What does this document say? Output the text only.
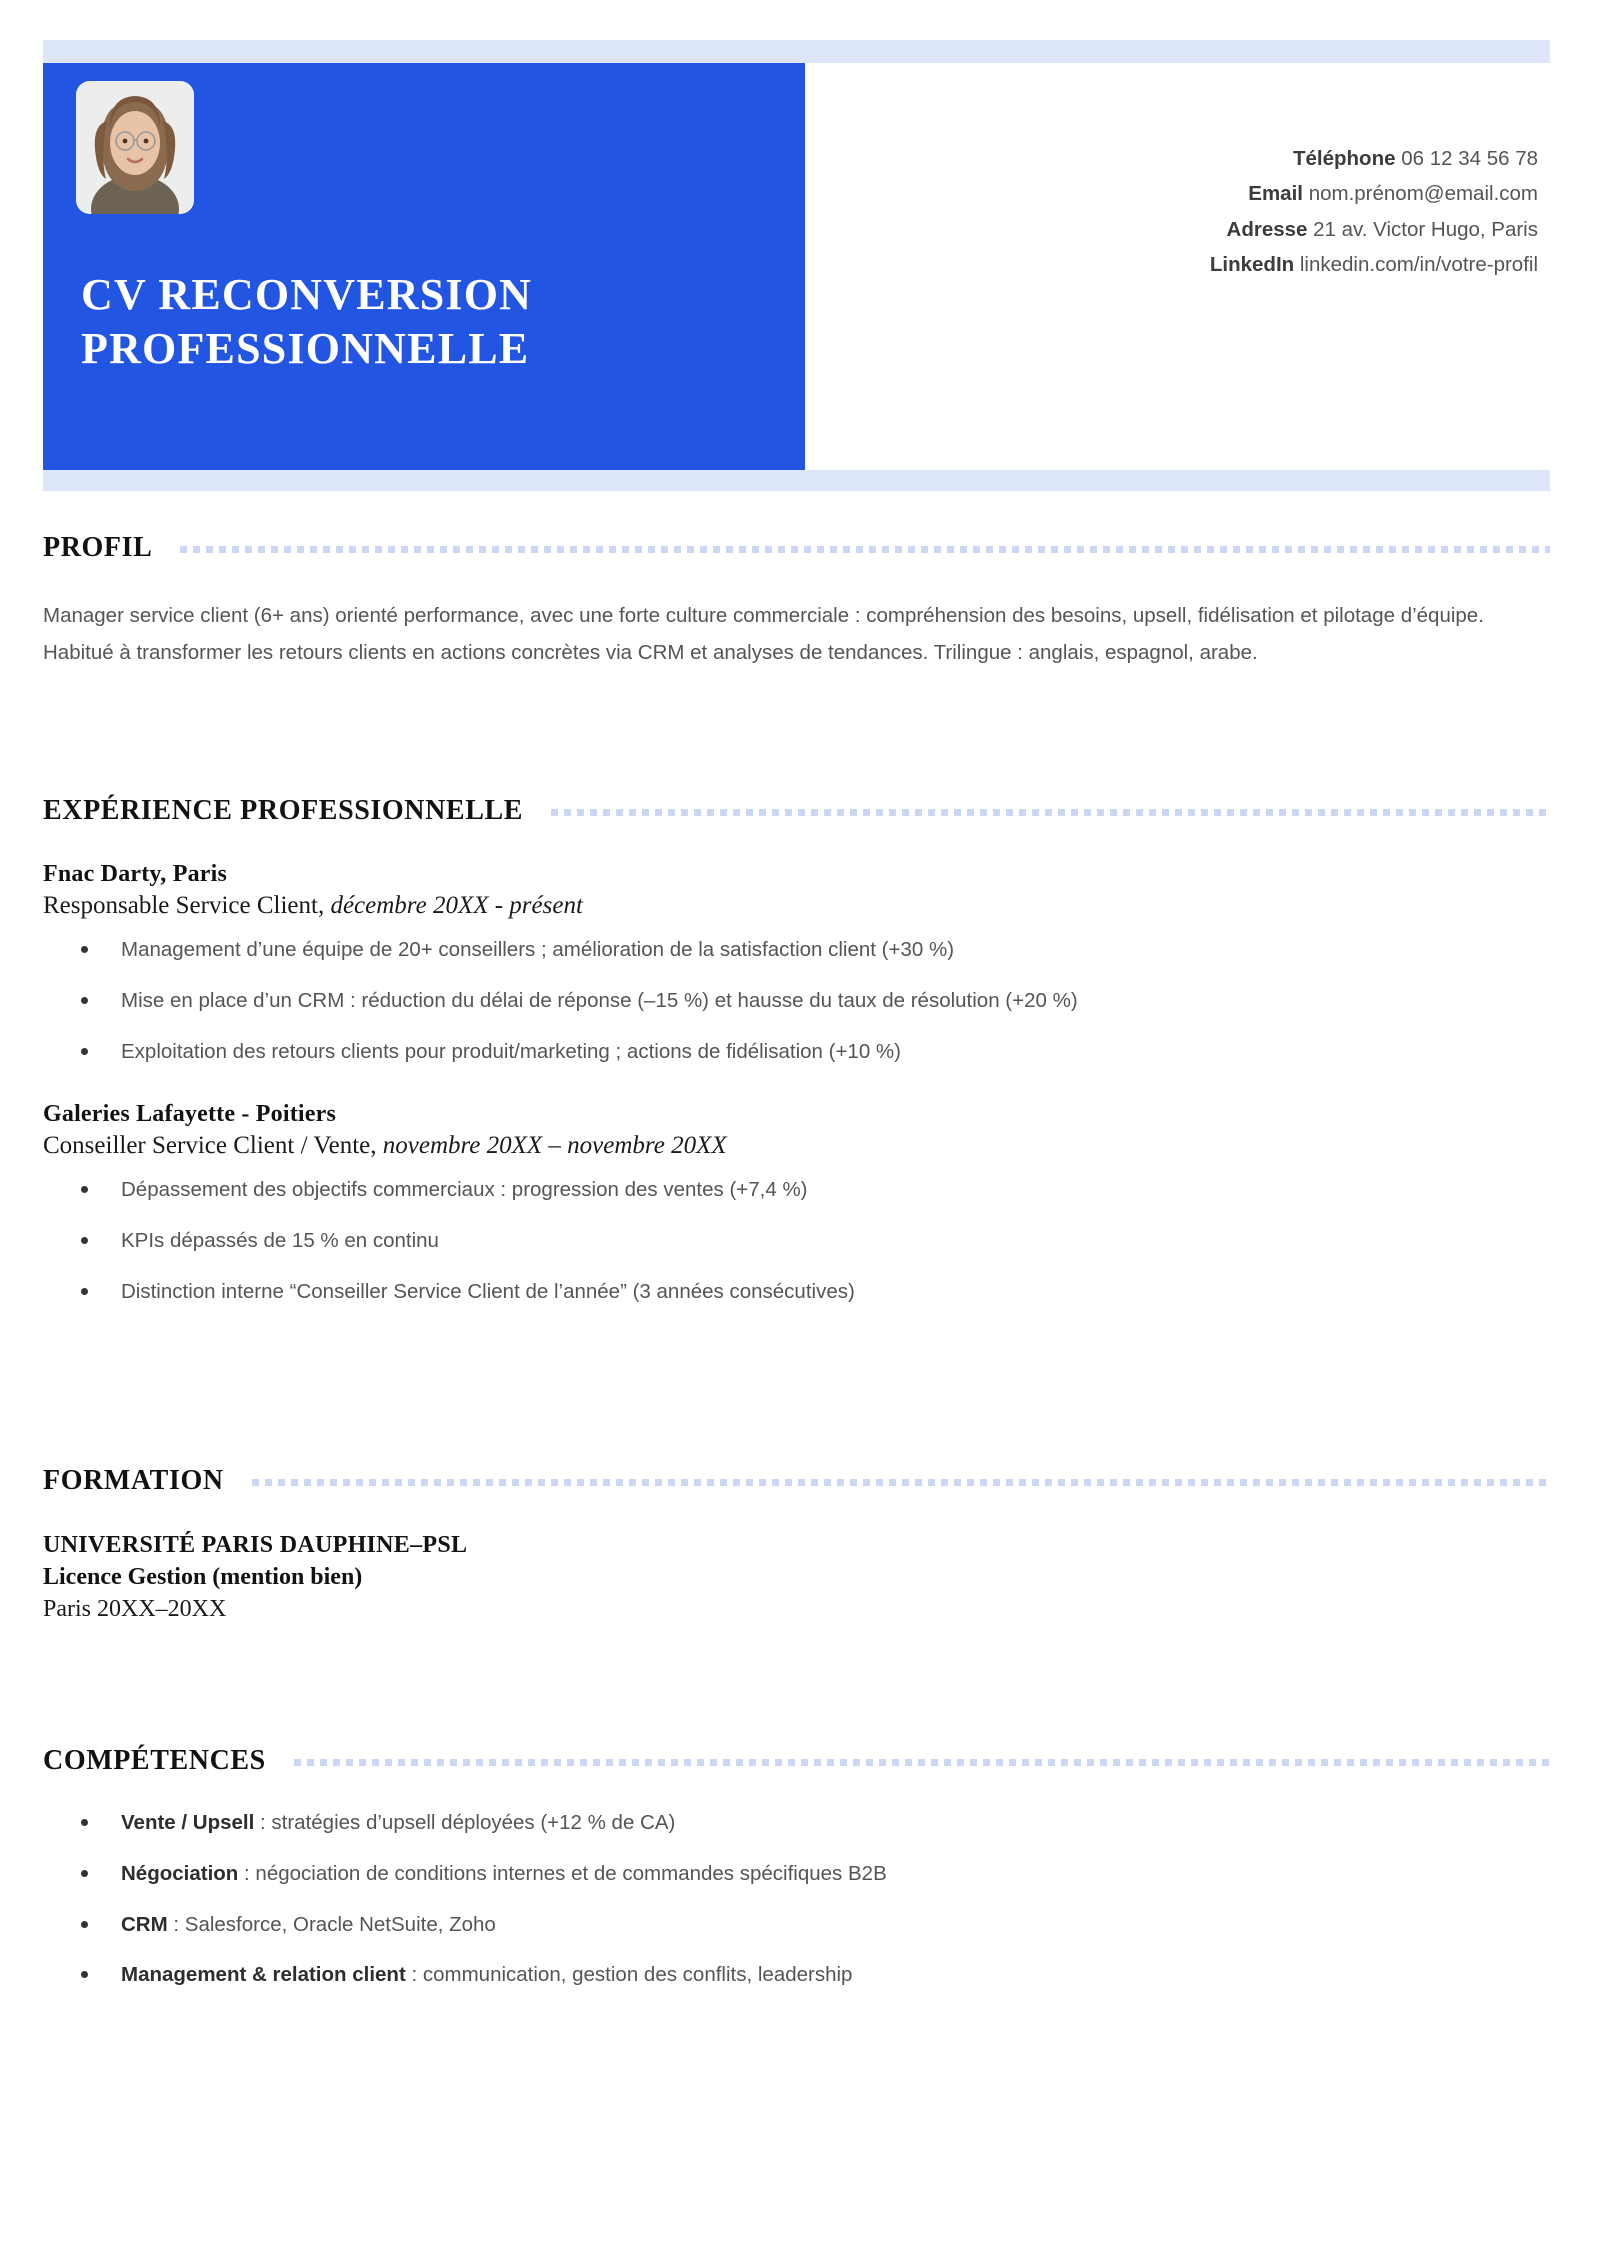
CV RECONVERSION PROFESSIONNELLE
Téléphone 06 12 34 56 78
Email nom.prénom@email.com
Adresse 21 av. Victor Hugo, Paris
LinkedIn linkedin.com/in/votre-profil
PROFIL
Manager service client (6+ ans) orienté performance, avec une forte culture commerciale : compréhension des besoins, upsell, fidélisation et pilotage d’équipe. Habitué à transformer les retours clients en actions concrètes via CRM et analyses de tendances. Trilingue : anglais, espagnol, arabe.
EXPÉRIENCE PROFESSIONNELLE
Fnac Darty, Paris
Responsable Service Client, décembre 20XX - présent
Management d’une équipe de 20+ conseillers ; amélioration de la satisfaction client (+30 %)
Mise en place d’un CRM : réduction du délai de réponse (–15 %) et hausse du taux de résolution (+20 %)
Exploitation des retours clients pour produit/marketing ; actions de fidélisation (+10 %)
Galeries Lafayette - Poitiers
Conseiller Service Client / Vente, novembre 20XX – novembre 20XX
Dépassement des objectifs commerciaux : progression des ventes (+7,4 %)
KPIs dépassés de 15 % en continu
Distinction interne “Conseiller Service Client de l’année” (3 années consécutives)
FORMATION
UNIVERSITÉ PARIS DAUPHINE–PSL
Licence Gestion (mention bien)
Paris 20XX–20XX
COMPÉTENCES
Vente / Upsell : stratégies d’upsell déployées (+12 % de CA)
Négociation : négociation de conditions internes et de commandes spécifiques B2B
CRM : Salesforce, Oracle NetSuite, Zoho
Management & relation client : communication, gestion des conflits, leadership
